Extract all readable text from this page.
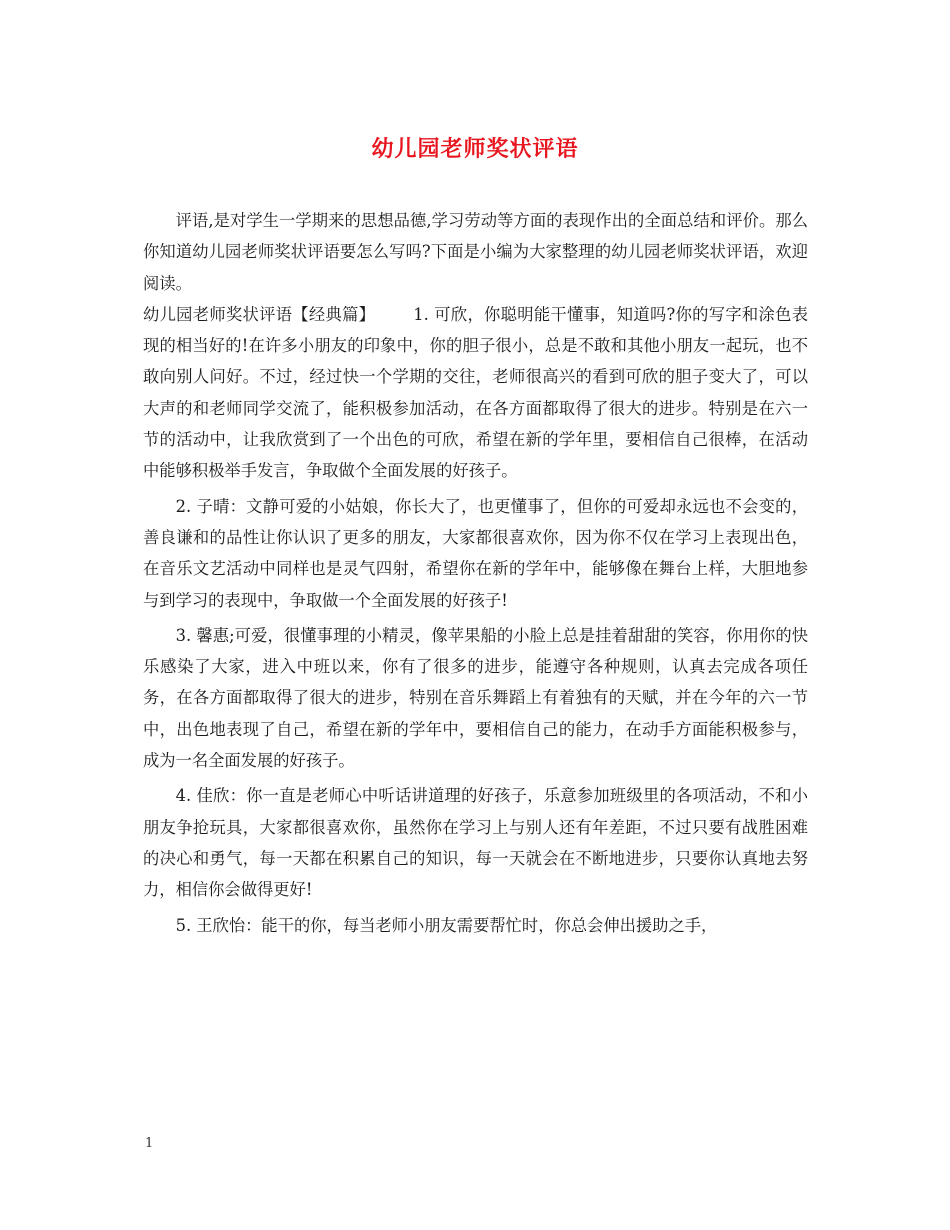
幼儿园老师奖状评语

评语,是对学生一学期来的思想品德,学习劳动等方面的表现作出的全面总结和评价。那么你知道幼儿园老师奖状评语要怎么写吗?下面是小编为大家整理的幼儿园老师奖状评语，欢迎阅读。

幼儿园老师奖状评语【经典篇】 1. 可欣，你聪明能干懂事，知道吗?你的写字和涂色表现的相当好的!在许多小朋友的印象中，你的胆子很小，总是不敢和其他小朋友一起玩，也不敢向别人问好。不过，经过快一个学期的交往，老师很高兴的看到可欣的胆子变大了，可以大声的和老师同学交流了，能积极参加活动，在各方面都取得了很大的进步。特别是在六一节的活动中，让我欣赏到了一个出色的可欣，希望在新的学年里，要相信自己很棒，在活动中能够积极举手发言，争取做个全面发展的好孩子。

2. 子晴：文静可爱的小姑娘，你长大了，也更懂事了，但你的可爱却永远也不会变的，善良谦和的品性让你认识了更多的朋友，大家都很喜欢你，因为你不仅在学习上表现出色，在音乐文艺活动中同样也是灵气四射，希望你在新的学年中，能够像在舞台上样，大胆地参与到学习的表现中，争取做一个全面发展的好孩子!

3. 馨惠;可爱，很懂事理的小精灵，像苹果船的小脸上总是挂着甜甜的笑容，你用你的快乐感染了大家，进入中班以来，你有了很多的进步，能遵守各种规则，认真去完成各项任务，在各方面都取得了很大的进步，特别在音乐舞蹈上有着独有的天赋，并在今年的六一节中，出色地表现了自己，希望在新的学年中，要相信自己的能力，在动手方面能积极参与，成为一名全面发展的好孩子。

4. 佳欣：你一直是老师心中听话讲道理的好孩子，乐意参加班级里的各项活动，不和小朋友争抢玩具，大家都很喜欢你，虽然你在学习上与别人还有年差距，不过只要有战胜困难的决心和勇气，每一天都在积累自己的知识，每一天就会在不断地进步，只要你认真地去努力，相信你会做得更好!

5. 王欣怡：能干的你，每当老师小朋友需要帮忙时，你总会伸出援助之手，

1
